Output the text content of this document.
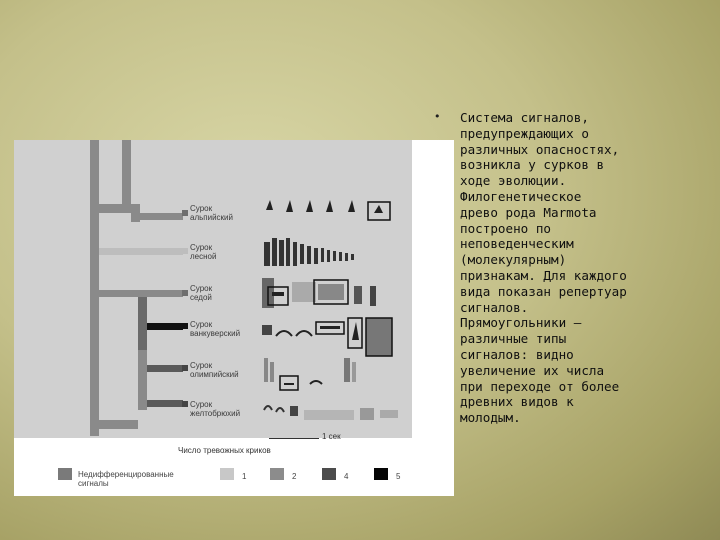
Сурок
альпийский
Сурок
лесной
Сурок
седой
Сурок
ванкуверский
Сурок
олимпийский
Сурок
желтобрюхий
1 сек
Число тревожных криков
Недифференцированные
сигналы
1	2	4	5
• Система сигналов,
предупреждающих о
различных опасностях,
возникла у сурков в
ходе эволюции.
Филогенетическое
древо рода Marmota
построено по
неповеденческим
(молекулярным)
признакам. Для каждого
вида показан репертуар
сигналов.
Прямоугольники —
различные типы
сигналов: видно
увеличение их числа
при переходе от более
древних видов к
молодым.
